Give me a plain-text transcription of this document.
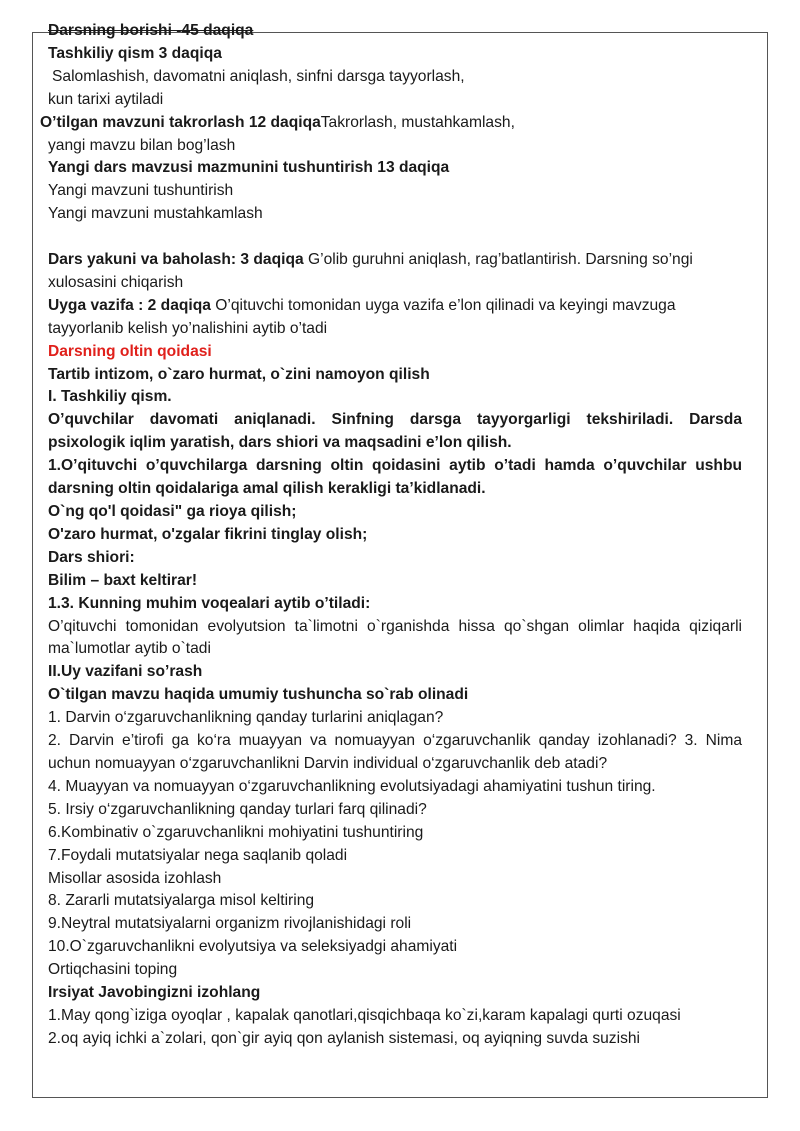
Darsning borishi -45 daqiqa
Tashkiliy qism 3 daqiqa
Salomlashish, davomatni aniqlash, sinfni darsga tayyorlash,
kun tarixi aytiladi
O’tilgan mavzuni takrorlash 12 daqiqaTakrorlash, mustahkamlash,
yangi mavzu bilan bog’lash
Yangi dars mavzusi mazmunini tushuntirish 13 daqiqa
Yangi mavzuni tushuntirish
Yangi mavzuni mustahkamlash
Dars yakuni va baholash: 3 daqiqa G’olib guruhni aniqlash, rag’batlantirish. Darsning so’ngi xulosasini chiqarish
Uyga vazifa : 2 daqiqa O’qituvchi tomonidan uyga vazifa e’lon qilinadi va keyingi mavzuga tayyorlanib kelish yo’nalishini aytib o’tadi
Darsning oltin qoidasi
Tartib intizom, o`zaro hurmat, o`zini namoyon qilish
I. Tashkiliy qism.
O’quvchilar davomati aniqlanadi. Sinfning darsga tayyorgarligi tekshiriladi. Darsda psixologik iqlim yaratish, dars shiori va maqsadini e’lon qilish.
1.O’qituvchi o’quvchilarga darsning oltin qoidasini aytib o’tadi hamda o’quvchilar ushbu darsning oltin qoidalariga amal qilish kerakligi ta’kidlanadi.
O`ng qo'l qoidasi" ga rioya qilish;
O'zaro hurmat, o'zgalar fikrini tinglay olish;
Dars shiori:
Bilim – baxt keltirar!
1.3. Kunning muhim voqealari aytib o’tiladi:
O’qituvchi tomonidan evolyutsion ta`limotni o`rganishda hissa qo`shgan olimlar haqida qiziqarli ma`lumotlar aytib o`tadi
II.Uy vazifani so’rash
O`tilgan mavzu haqida umumiy tushuncha so`rab olinadi
1. Darvin o‘zgaruvchanlikning qanday turlarini aniqlagan?
2. Darvin e’tirofi ga ko‘ra muayyan va nomuayyan o‘zgaruvchanlik qanday izohlanadi? 3. Nima uchun nomuayyan o‘zgaruvchanlikni Darvin individual o‘zgaruvchanlik deb atadi?
4. Muayyan va nomuayyan o‘zgaruvchanlikning evolutsiyadagi ahamiyatini tushun tiring.
5. Irsiy o‘zgaruvchanlikning qanday turlari farq qilinadi?
6.Kombinativ o`zgaruvchanlikni mohiyatini tushuntiring
7.Foydali mutatsiyalar nega saqlanib qoladi
Misollar asosida izohlash
8. Zararli mutatsiyalarga misol keltiring
9.Neytral mutatsiyalarni organizm rivojlanishidagi roli
10.O`zgaruvchanlikni evolyutsiya va seleksiyadgi ahamiyati
Ortiqchasini toping
Irsiyat Javobingizni izohlang
1.May qong`iziga oyoqlar , kapalak qanotlari,qisqichbaqa ko`zi,karam kapalagi qurti ozuqasi
2.oq ayiq ichki a`zolari, qon`gir ayiq qon aylanish sistemasi, oq ayiqning suvda suzishi
